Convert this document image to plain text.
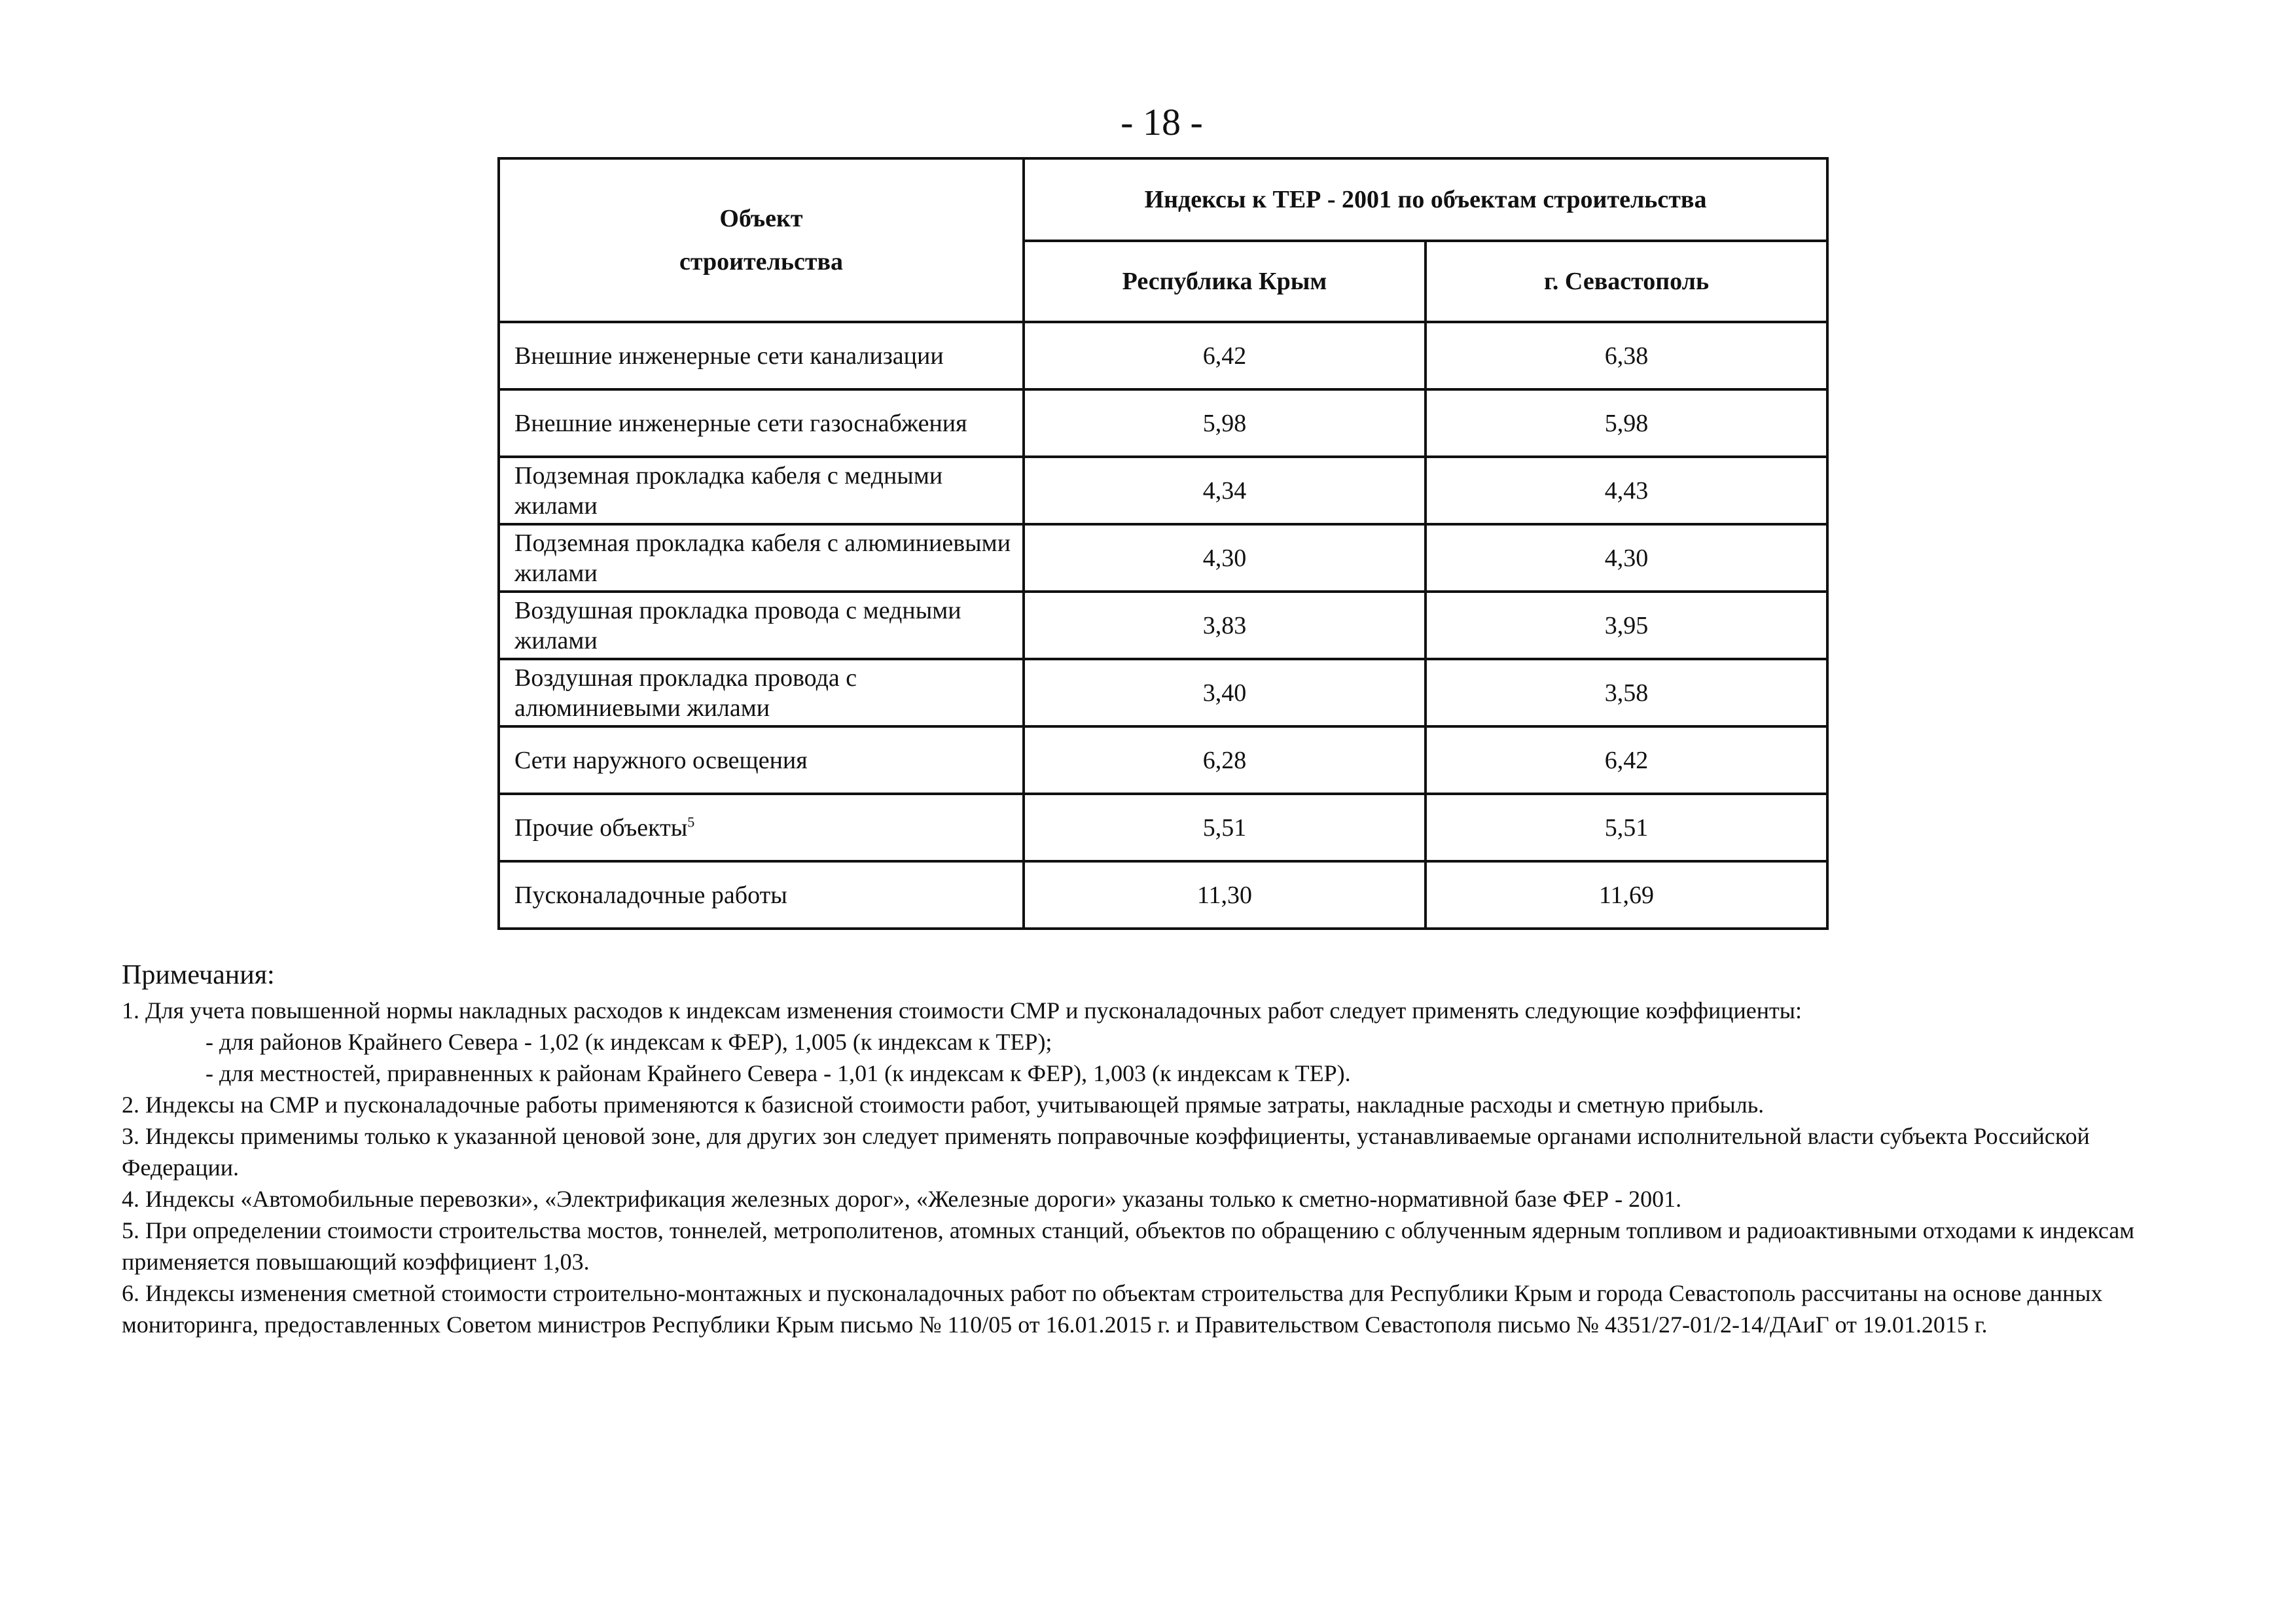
- 18 -
Объект строительства	Индексы к ТЕР - 2001 по объектам строительства	
	Республика Крым	г. Севастополь
Внешние инженерные сети канализации	6,42	6,38
Внешние инженерные сети газоснабжения	5,98	5,98
Подземная прокладка кабеля с медными жилами	4,34	4,43
Подземная прокладка кабеля с алюминиевыми жилами	4,30	4,30
Воздушная прокладка провода с медными жилами	3,83	3,95
Воздушная прокладка провода с алюминиевыми жилами	3,40	3,58
Сети наружного освещения	6,28	6,42
Прочие объекты$^5$	5,51	5,51
Пусконаладочные работы	11,30	11,69
Примечания:

1. Для учета повышенной нормы накладных расходов к индексам изменения стоимости СМР и пусконаладочных работ следует применять следующие коэффициенты:

- для районов Крайнего Севера - 1,02 (к индексам к ФЕР), 1,005 (к индексам к ТЕР);

- для местностей, приравненных к районам Крайнего Севера - 1,01 (к индексам к ФЕР), 1,003 (к индексам к ТЕР).

2. Индексы на СМР и пусконаладочные работы применяются к базисной стоимости работ, учитывающей прямые затраты, накладные расходы и сметную прибыль.

3. Индексы применимы только к указанной ценовой зоне, для других зон следует применять поправочные коэффициенты, устанавливаемые органами исполнительной власти субъекта Российской Федерации.

4. Индексы «Автомобильные перевозки», «Электрификация железных дорог», «Железные дороги» указаны только к сметно-нормативной базе ФЕР - 2001.

5. При определении стоимости строительства мостов, тоннелей, метрополитенов, атомных станций, объектов по обращению с облученным ядерным топливом и радиоактивными отходами к индексам применяется повышающий коэффициент 1,03.

6. Индексы изменения сметной стоимости строительно-монтажных и пусконаладочных работ по объектам строительства для Республики Крым и города Севастополь рассчитаны на основе данных мониторинга, предоставленных Советом министров Республики Крым письмо № 110/05 от 16.01.2015 г. и Правительством Севастополя письмо № 4351/27-01/2-14/ДАиГ от 19.01.2015 г.
